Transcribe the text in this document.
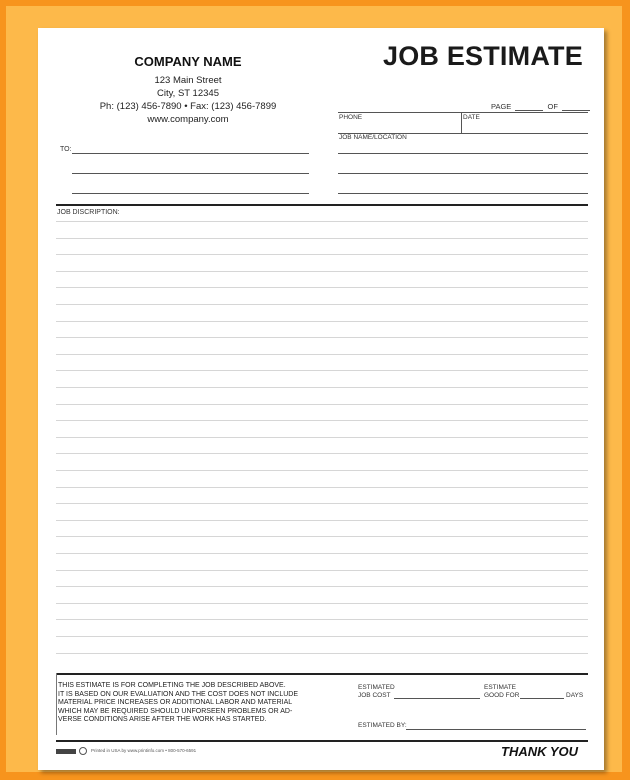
COMPANY NAME
123 Main Street
City, ST 12345
Ph: (123) 456-7890 • Fax: (123) 456-7899
www.company.com
JOB ESTIMATE
PAGE	OF
PHONE	DATE
JOB NAME/LOCATION
TO:
JOB DISCRIPTION:
THIS ESTIMATE IS FOR COMPLETING THE JOB DESCRIBED ABOVE.
IT IS BASED ON OUR EVALUATION AND THE COST DOES NOT INCLUDE
MATERIAL PRICE INCREASES OR ADDITIONAL LABOR AND MATERIAL
WHICH MAY BE REQUIRED SHOULD UNFORSEEN PROBLEMS OR AD-
VERSE CONDITIONS ARISE AFTER THE WORK HAS STARTED.
ESTIMATED
JOB COST
ESTIMATE
GOOD FOR	DAYS
ESTIMATED BY:
Printed in USA by www.printinfo.com • 800-570-6591	THANK YOU
